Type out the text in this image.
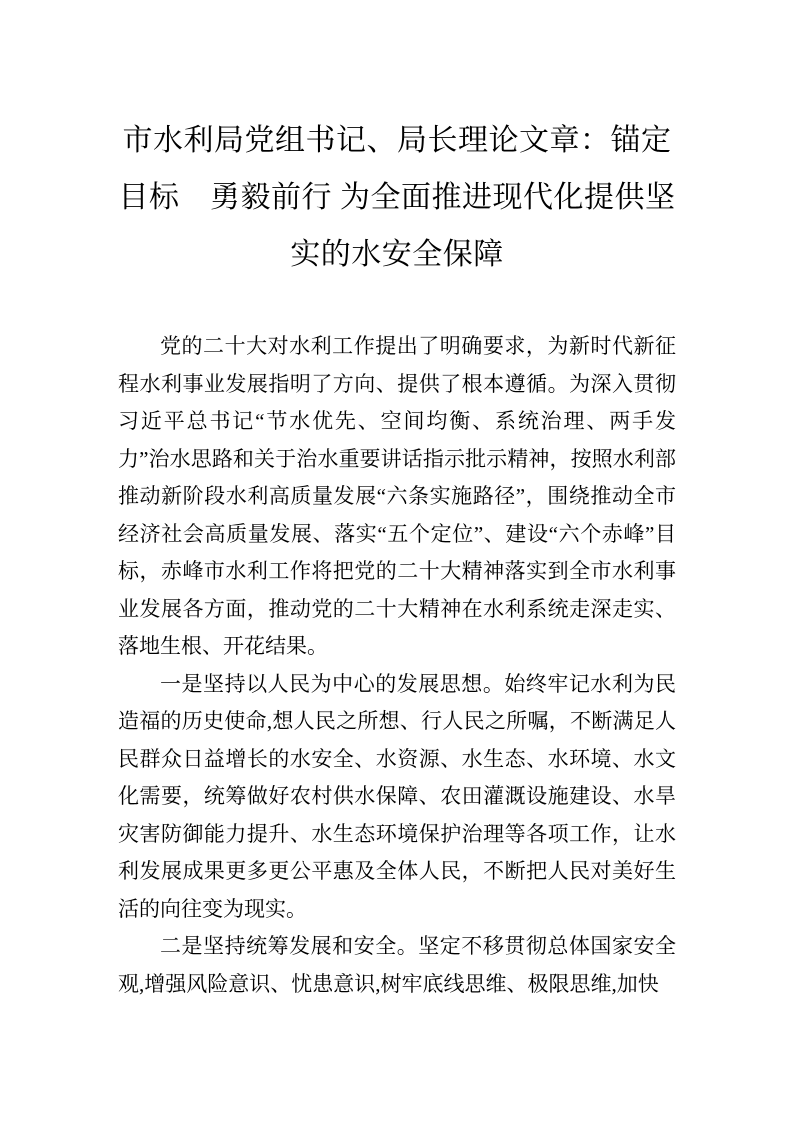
市水利局党组书记、局长理论文章：锚定目标　勇毅前行 为全面推进现代化提供坚实的水安全保障

党的二十大对水利工作提出了明确要求，为新时代新征程水利事业发展指明了方向、提供了根本遵循。为深入贯彻习近平总书记“节水优先、空间均衡、系统治理、两手发力”治水思路和关于治水重要讲话指示批示精神，按照水利部推动新阶段水利高质量发展“六条实施路径”，围绕推动全市经济社会高质量发展、落实“五个定位”、建设“六个赤峰”目标，赤峰市水利工作将把党的二十大精神落实到全市水利事业发展各方面，推动党的二十大精神在水利系统走深走实、 落地生根、开花结果。

一是坚持以人民为中心的发展思想。始终牢记水利为民造福的历史使命,想人民之所想、行人民之所嘱，不断满足人民群众日益增长的水安全、水资源、水生态、水环境、水文 化需要，统筹做好农村供水保障、农田灌溉设施建设、水旱灾害防御能力提升、水生态环境保护治理等各项工作，让水利发展成果更多更公平惠及全体人民，不断把人民对美好生活的向往变为现实。

二是坚持统筹发展和安全。坚定不移贯彻总体国家安全观,增强风险意识、忧患意识,树牢底线思维、极限思维,加快
